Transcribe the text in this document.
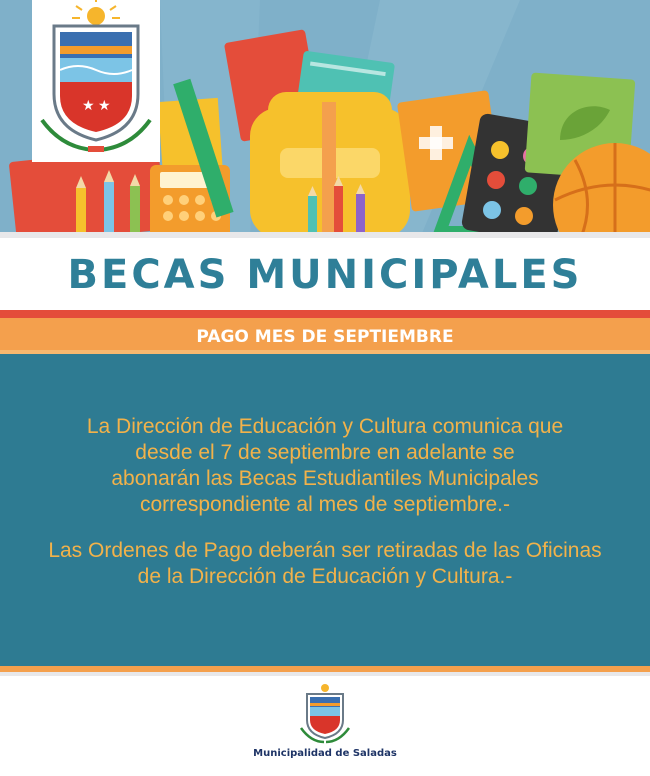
★ ★
BECAS MUNICIPALES
PAGO MES DE SEPTIEMBRE

La Dirección de Educación y Cultura comunica que

desde el 7 de septiembre en adelante se

abonarán las Becas Estudiantiles Municipales

correspondiente al mes de septiembre.-

Las Ordenes de Pago deberán ser retiradas de las Oficinas

de la Dirección de Educación y Cultura.-

Municipalidad de Saladas
